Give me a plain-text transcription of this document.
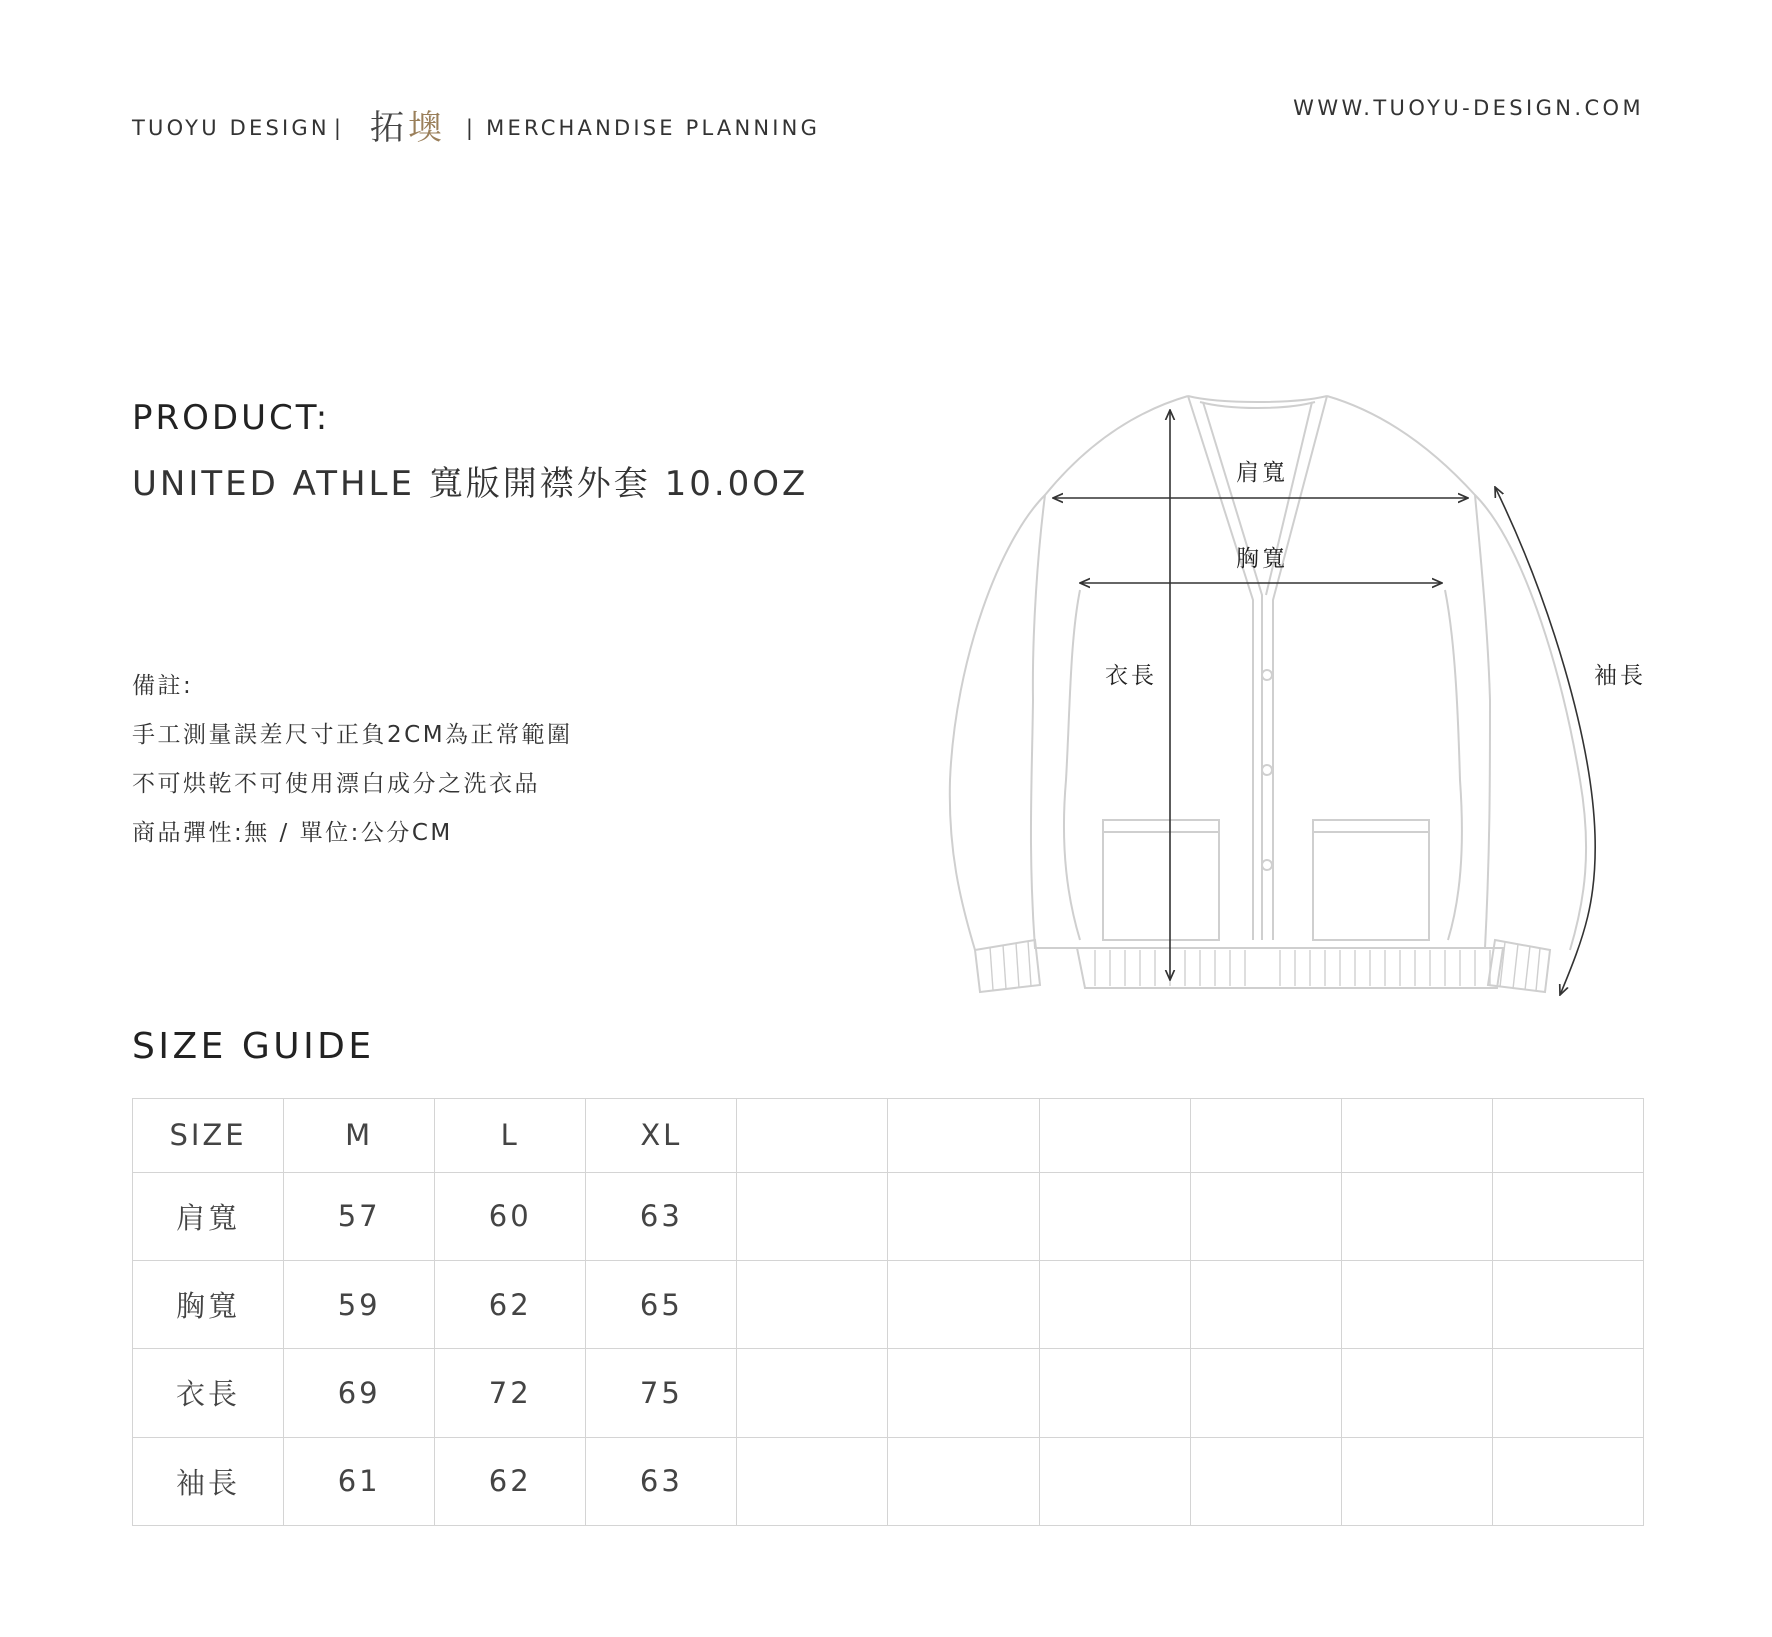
TUOYU DESIGN | 拓墺 | MERCHANDISE PLANNING
WWW.TUOYU-DESIGN.COM
PRODUCT:
UNITED ATHLE 寬版開襟外套 10.0OZ
備註:
手工測量誤差尺寸正負2CM為正常範圍
不可烘乾不可使用漂白成分之洗衣品
商品彈性:無 / 單位:公分CM
肩寬
胸寬
衣長	袖長
SIZE GUIDE
SIZE	M	L	XL						
肩寬	57	60	63						
胸寬	59	62	65						
衣長	69	72	75						
袖長	61	62	63						
